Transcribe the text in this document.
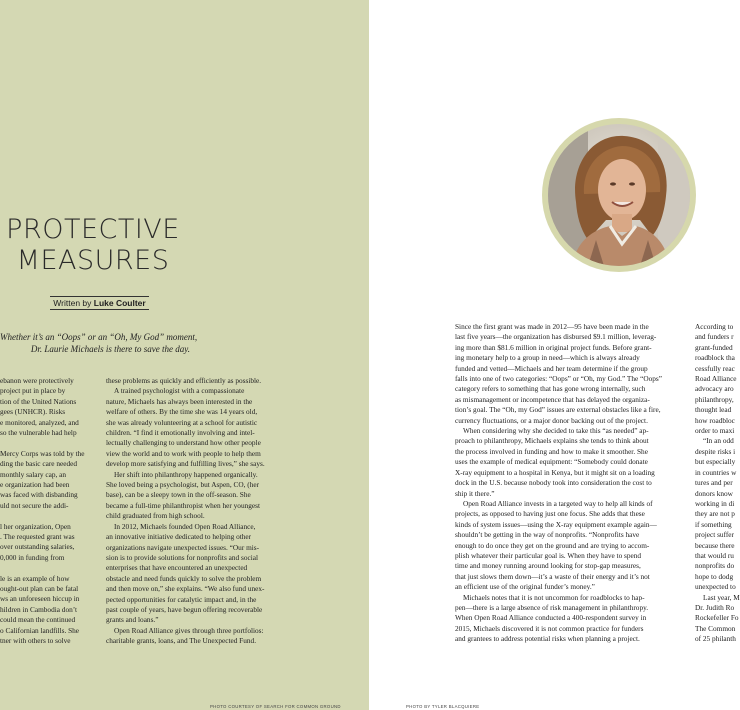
PROTECTIVE
MEASURES
Written by Luke Coulter
Whether it’s an “Oops” or an “Oh, My God” moment,
Dr. Laurie Michaels is there to save the day.

ebanon were protectively

project put in place by

tion of the United Nations

gees (UNHCR). Risks

e monitored, analyzed, and

so the vulnerable had help

Mercy Corps was told by the

ding the basic care needed

monthly salary cap, an

e organization had been

was faced with disbanding

uld not secure the addi-

l her organization, Open

. The requested grant was

over outstanding salaries,

0,000 in funding from

le is an example of how

ought-out plan can be fatal

ws an unforeseen hiccup in

hildren in Cambodia don’t

could mean the continued

o Californian landfills. She

tner with others to solve

these problems as quickly and efficiently as possible.

A trained psychologist with a compassionate

nature, Michaels has always been interested in the

welfare of others. By the time she was 14 years old,

she was already volunteering at a school for autistic

children. “I find it emotionally involving and intel-

lectually challenging to understand how other people

view the world and to work with people to help them

develop more satisfying and fulfilling lives,” she says.

Her shift into philanthropy happened organically.

She loved being a psychologist, but Aspen, CO, (her

base), can be a sleepy town in the off-season. She

became a full-time philanthropist when her youngest

child graduated from high school.

In 2012, Michaels founded Open Road Alliance,

an innovative initiative dedicated to helping other

organizations navigate unexpected issues. “Our mis-

sion is to provide solutions for nonprofits and social

enterprises that have encountered an unexpected

obstacle and need funds quickly to solve the problem

and then move on,” she explains. “We also fund unex-

pected opportunities for catalytic impact and, in the

past couple of years, have begun offering recoverable

grants and loans.”

Open Road Alliance gives through three portfolios:

charitable grants, loans, and The Unexpected Fund.

PHOTO COURTESY OF SEARCH FOR COMMON GROUND

Since the first grant was made in 2012—95 have been made in the

last five years—the organization has disbursed $9.1 million, leverag-

ing more than $81.6 million in original project funds. Before grant-

ing monetary help to a group in need—which is always already

funded and vetted—Michaels and her team determine if the group

falls into one of two categories: “Oops” or “Oh, my God.” The “Oops”

category refers to something that has gone wrong internally, such

as mismanagement or incompetence that has delayed the organiza-

tion’s goal. The “Oh, my God” issues are external obstacles like a fire,

currency fluctuations, or a major donor backing out of the project.

When considering why she decided to take this “as needed” ap-

proach to philanthropy, Michaels explains she tends to think about

the process involved in funding and how to make it smoother. She

uses the example of medical equipment: “Somebody could donate

X-ray equipment to a hospital in Kenya, but it might sit on a loading

dock in the U.S. because nobody took into consideration the cost to

ship it there.”

Open Road Alliance invests in a targeted way to help all kinds of

projects, as opposed to having just one focus. She adds that these

kinds of system issues—using the X-ray equipment example again—

shouldn’t be getting in the way of nonprofits. “Nonprofits have

enough to do once they get on the ground and are trying to accom-

plish whatever their particular goal is. When they have to spend

time and money running around looking for stop-gap measures,

that just slows them down—it’s a waste of their energy and it’s not

an efficient use of the original funder’s money.”

Michaels notes that it is not uncommon for roadblocks to hap-

pen—there is a large absence of risk management in philanthropy.

When Open Road Alliance conducted a 400-respondent survey in

2015, Michaels discovered it is not common practice for funders

and grantees to address potential risks when planning a project.

According to

and funders r

grant-funded

roadblock tha

cessfully reac

Road Alliance

advocacy aro

philanthropy,

thought lead

how roadbloc

order to maxi

“In an odd

despite risks i

but especially

in countries w

tures and per

donors know

working in di

they are not p

if something

project suffer

because there

that would ru

nonprofits do

hope to dodg

unexpected to

Last year, M

Dr. Judith Ro

Rockefeller Fo

The Common

of 25 philanth

PHOTO BY TYLER BLACQUIERE
